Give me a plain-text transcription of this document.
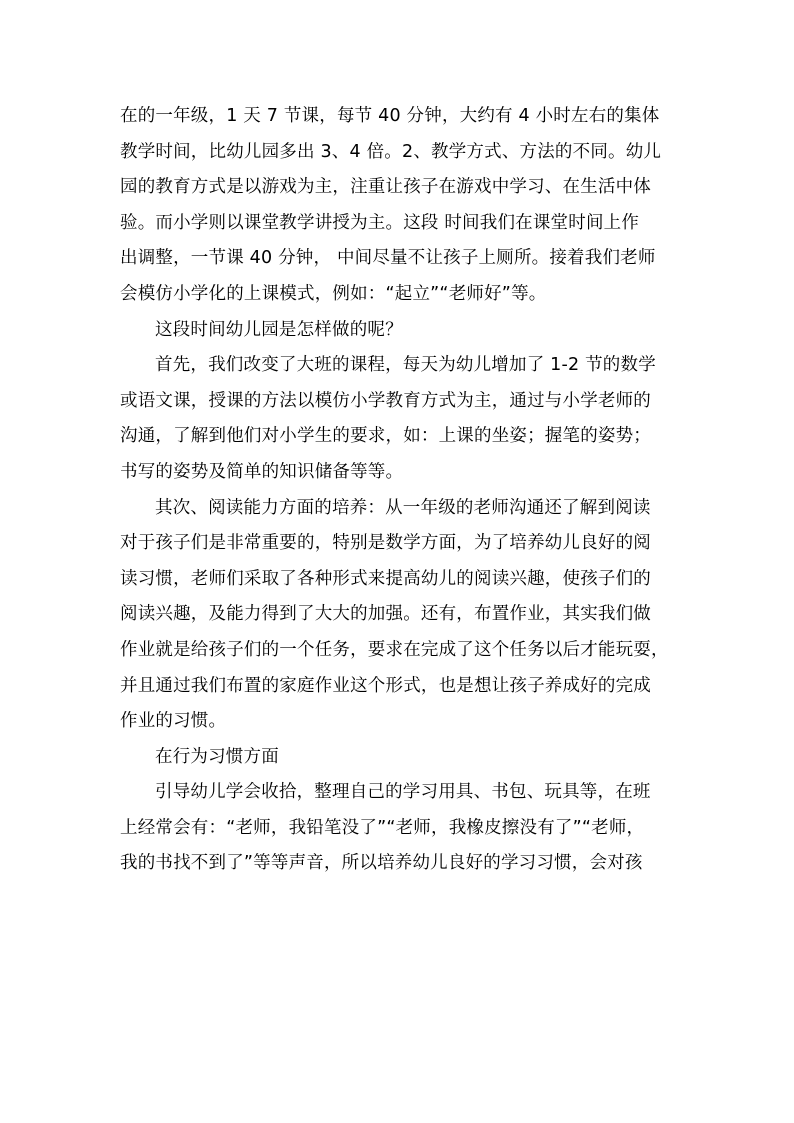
在的一年级，1 天 7 节课，每节 40 分钟，大约有 4 小时左右的集体
教学时间，比幼儿园多出 3、4 倍。2、教学方式、方法的不同。幼儿
园的教育方式是以游戏为主，注重让孩子在游戏中学习、在生活中体
验。而小学则以课堂教学讲授为主。这段 时间我们在课堂时间上作
出调整，一节课 40 分钟， 中间尽量不让孩子上厕所。接着我们老师
会模仿小学化的上课模式，例如：“起立”“老师好”等。
这段时间幼儿园是怎样做的呢？
首先，我们改变了大班的课程，每天为幼儿增加了 1-2 节的数学
或语文课，授课的方法以模仿小学教育方式为主，通过与小学老师的
沟通，了解到他们对小学生的要求，如：上课的坐姿；握笔的姿势；
书写的姿势及简单的知识储备等等。
其次、阅读能力方面的培养：从一年级的老师沟通还了解到阅读
对于孩子们是非常重要的，特别是数学方面，为了培养幼儿良好的阅
读习惯，老师们采取了各种形式来提高幼儿的阅读兴趣，使孩子们的
阅读兴趣，及能力得到了大大的加强。还有，布置作业，其实我们做
作业就是给孩子们的一个任务，要求在完成了这个任务以后才能玩耍，
并且通过我们布置的家庭作业这个形式，也是想让孩子养成好的完成
作业的习惯。
在行为习惯方面
引导幼儿学会收拾，整理自己的学习用具、书包、玩具等，在班
上经常会有：“老师，我铅笔没了”“老师，我橡皮擦没有了”“老师，
我的书找不到了”等等声音，所以培养幼儿良好的学习习惯，会对孩
